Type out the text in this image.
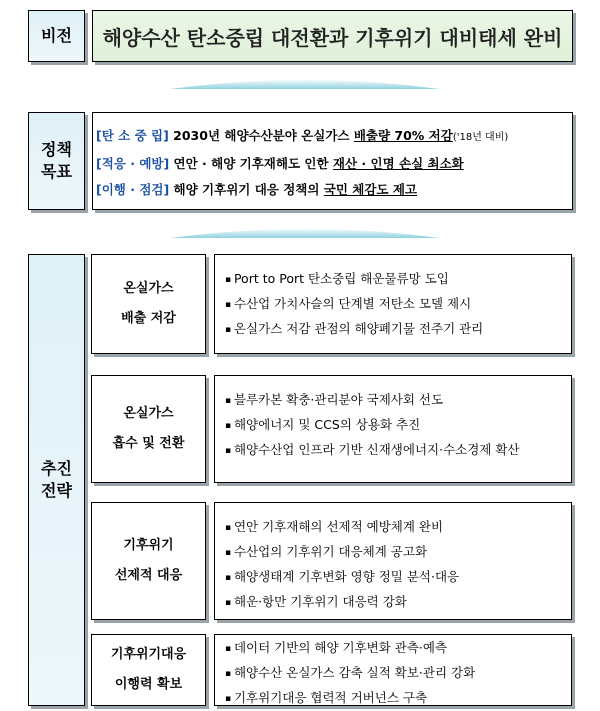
비전 해양수산 탄소중립 대전환과 기후위기 대비태세 완비
정책
목표
[탄 소 중 립] 2030년 해양수산분야 온실가스 배출량 70% 저감('18년 대비)
[적응 · 예방] 연안 · 해양 기후재해도 인한 재산 · 인명 손실 최소화
[이행 · 점검] 해양 기후위기 대응 정책의 국민 체감도 제고
추진
전략
온실가스
배출 저감
▪ Port to Port 탄소중립 해운물류망 도입
▪ 수산업 가치사슬의 단계별 저탄소 모델 제시
▪ 온실가스 저감 관점의 해양폐기물 전주기 관리
온실가스
흡수 및 전환
▪ 블루카본 확충·관리분야 국제사회 선도
▪ 해양에너지 및 CCS의 상용화 추진
▪ 해양수산업 인프라 기반 신재생에너지·수소경제 확산
기후위기
선제적 대응
▪ 연안 기후재해의 선제적 예방체계 완비
▪ 수산업의 기후위기 대응체계 공고화
▪ 해양생태계 기후변화 영향 정밀 분석·대응
▪ 해운·항만 기후위기 대응력 강화
기후위기대응
이행력 확보
▪ 데이터 기반의 해양 기후변화 관측·예측
▪ 해양수산 온실가스 감축 실적 확보·관리 강화
▪ 기후위기대응 협력적 거버넌스 구축
